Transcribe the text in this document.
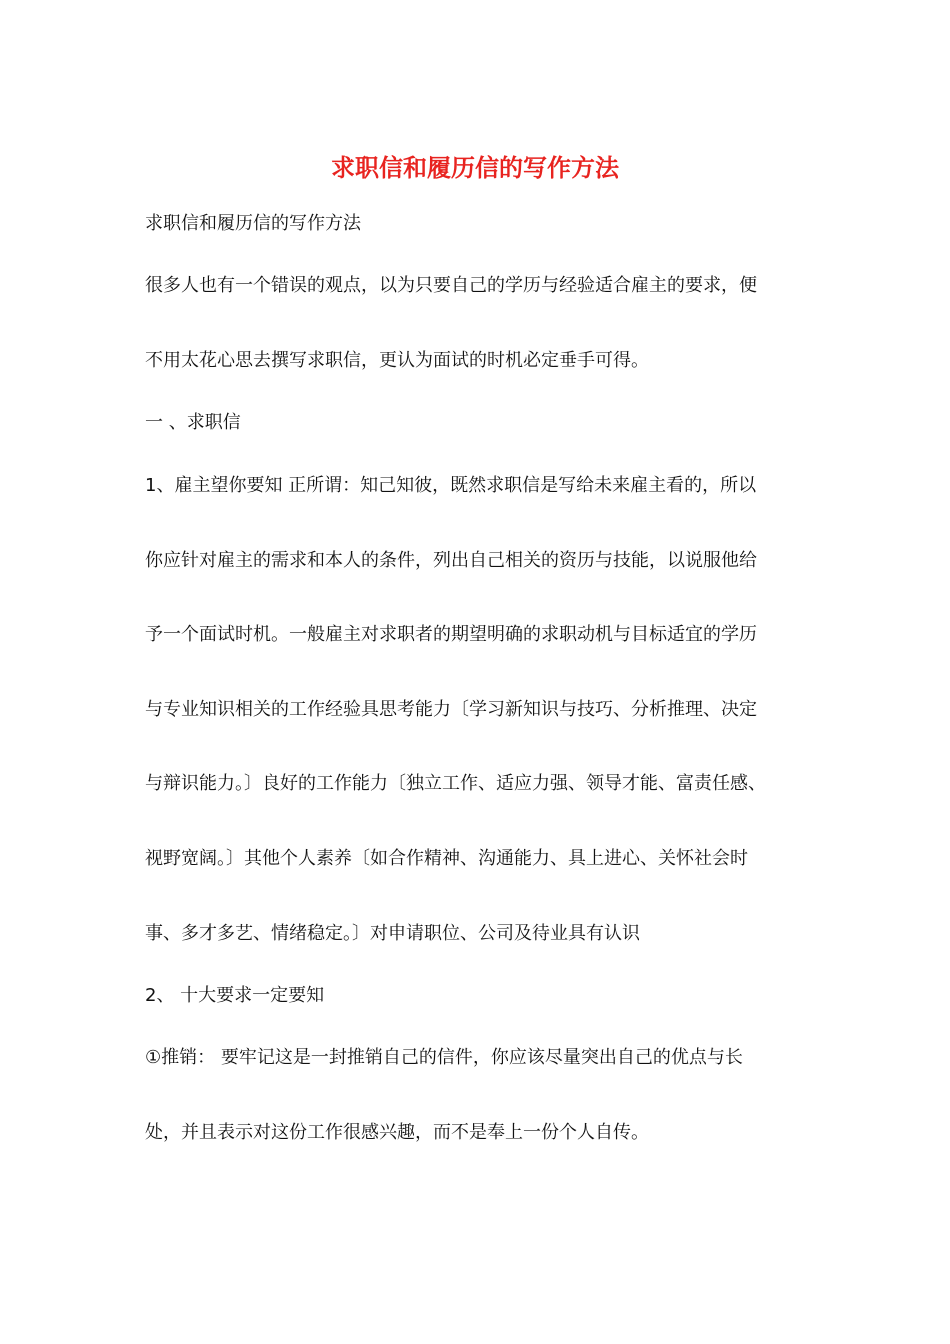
求职信和履历信的写作方法

求职信和履历信的写作方法

很多人也有一个错误的观点，以为只要自己的学历与经验适合雇主的要求，便

不用太花心思去撰写求职信，更认为面试的时机必定垂手可得。

一 、求职信

1、雇主望你要知 正所谓：知己知彼，既然求职信是写给未来雇主看的，所以

你应针对雇主的需求和本人的条件，列出自己相关的资历与技能，以说服他给

予一个面试时机。一般雇主对求职者的期望明确的求职动机与目标适宜的学历

与专业知识相关的工作经验具思考能力〔学习新知识与技巧、分析推理、决定

与辩识能力。〕良好的工作能力〔独立工作、适应力强、领导才能、富责任感、

视野宽阔。〕其他个人素养〔如合作精神、沟通能力、具上进心、关怀社会时

事、多才多艺、情绪稳定。〕对申请职位、公司及待业具有认识

2、 十大要求一定要知

①推销： 要牢记这是一封推销自己的信件，你应该尽量突出自己的优点与长

处，并且表示对这份工作很感兴趣，而不是奉上一份个人自传。
